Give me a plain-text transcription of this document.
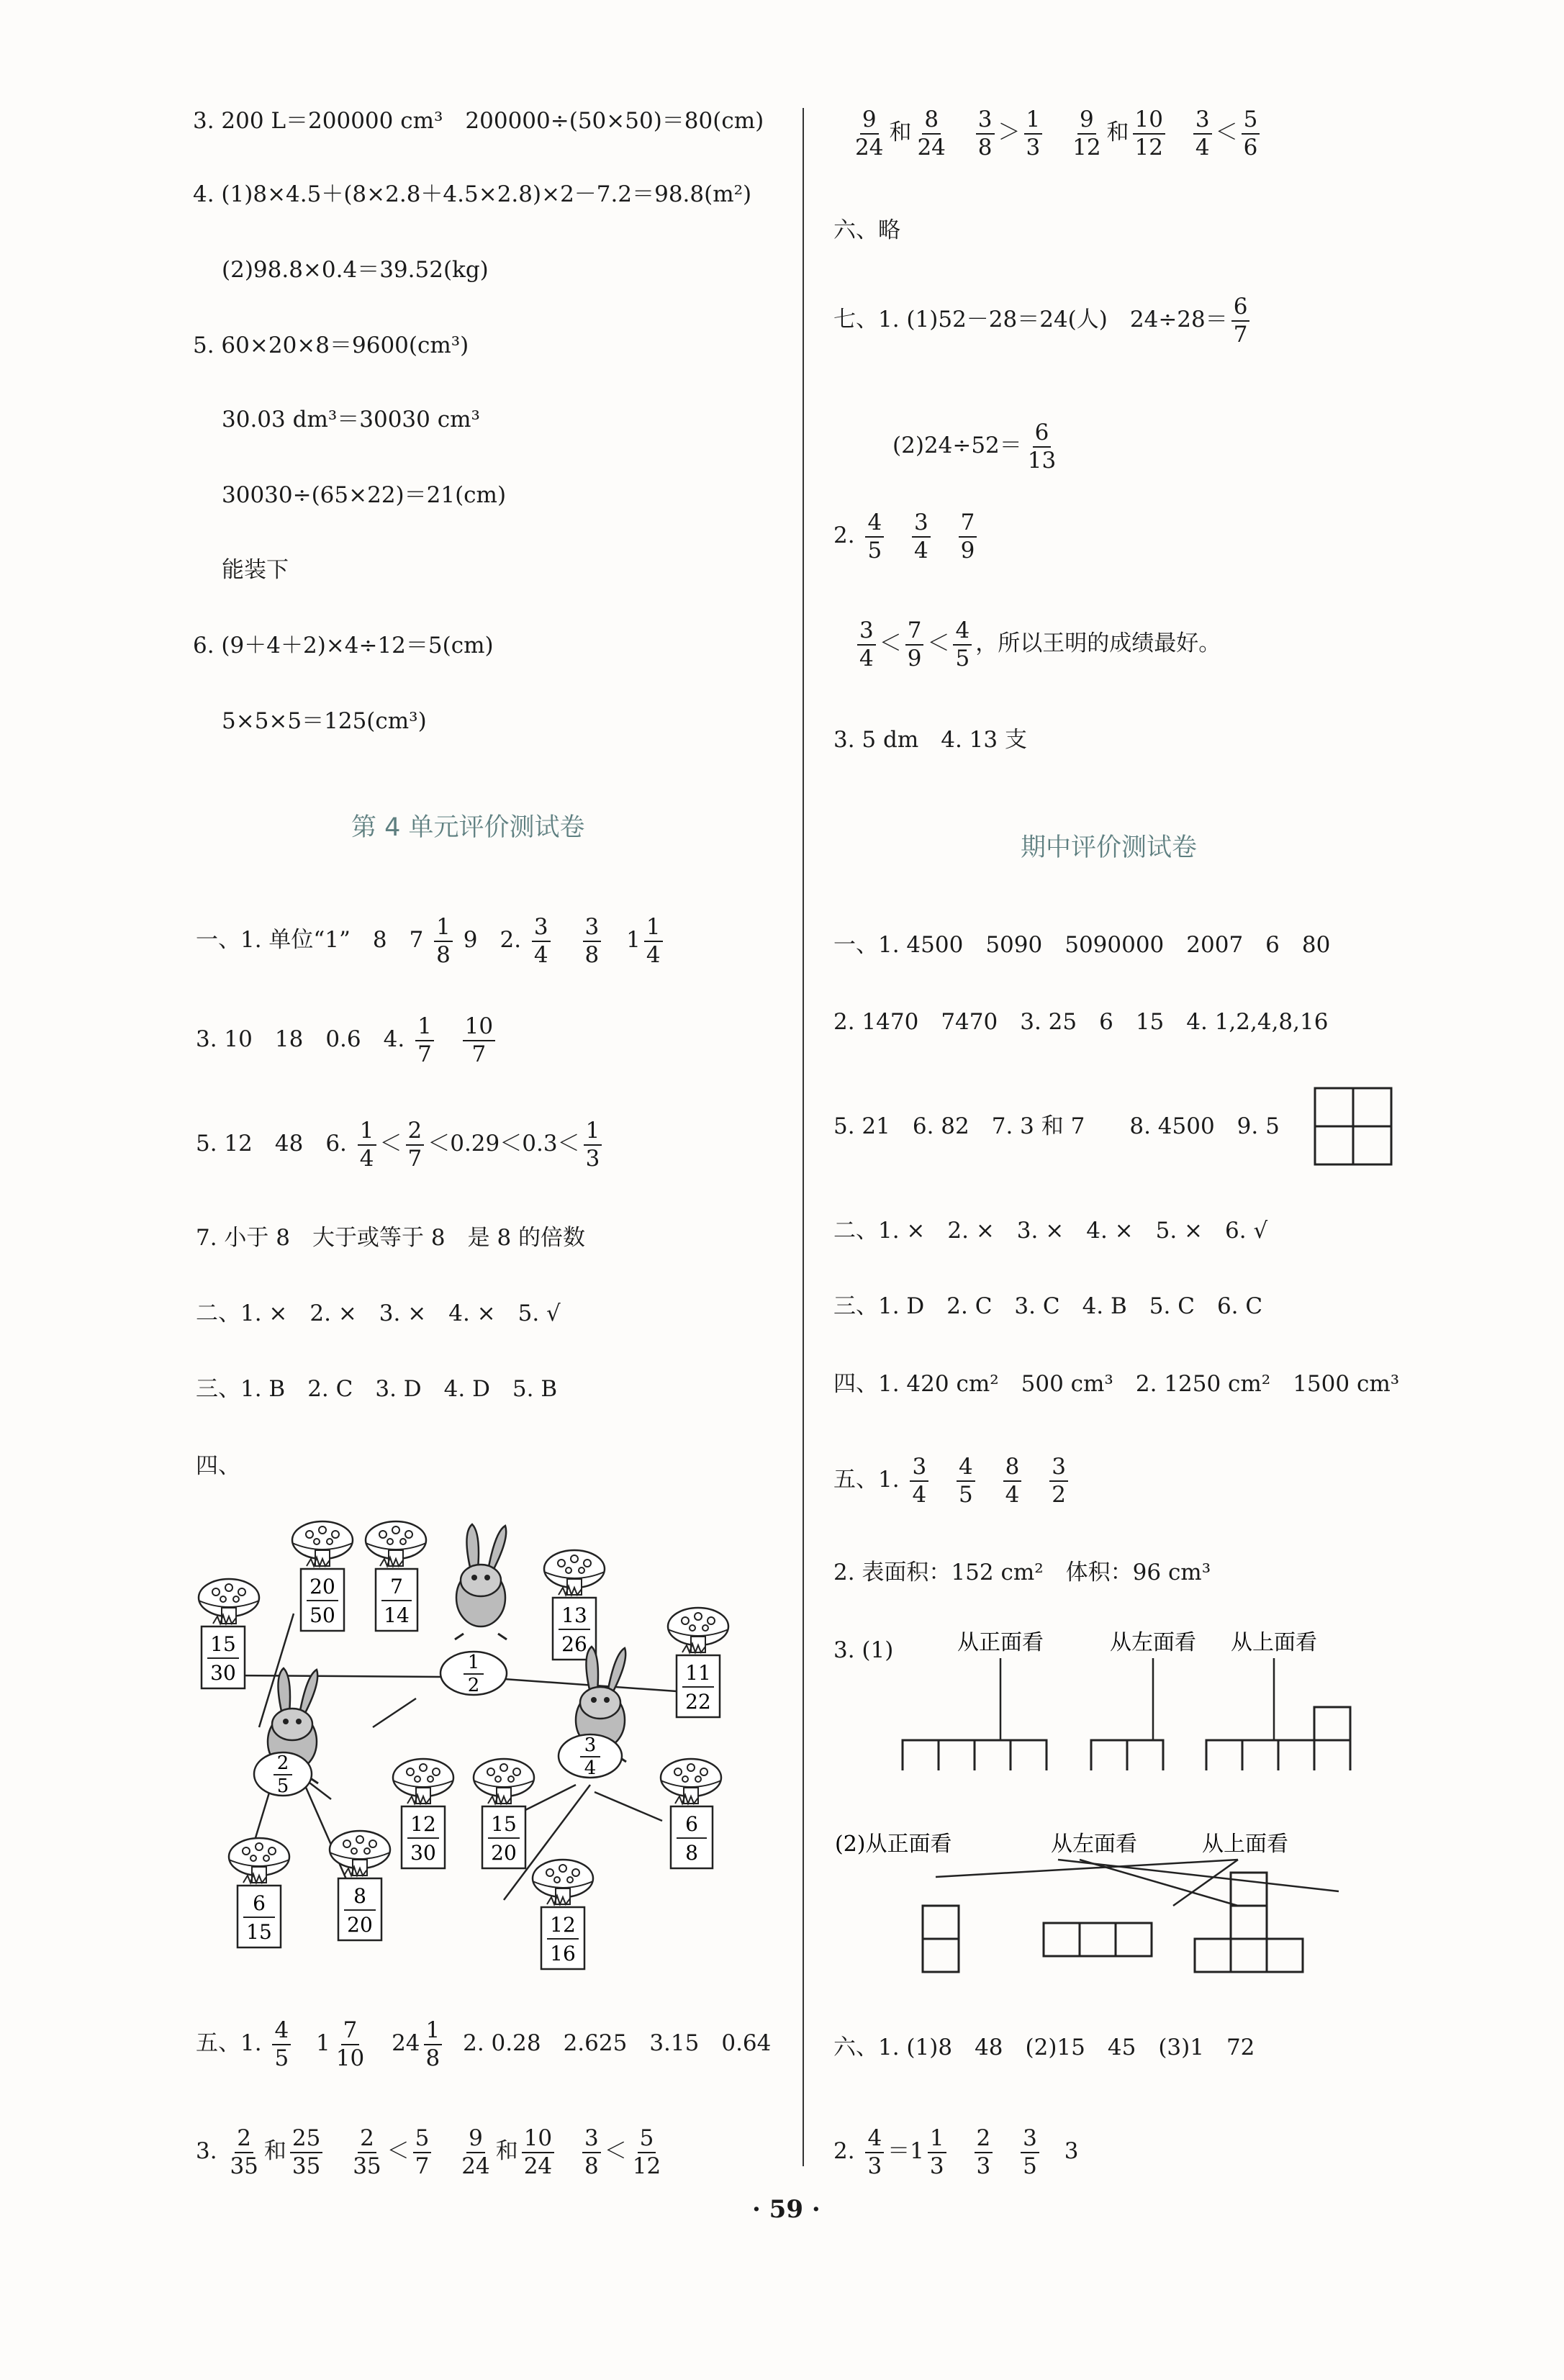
3. 200 L＝200000 cm³　200000÷(50×50)＝80(cm)
4. (1)8×4.5＋(8×2.8＋4.5×2.8)×2－7.2＝98.8(m²)
(2)98.8×0.4＝39.52(kg)
5. 60×20×8＝9600(cm³)
30.03 dm³＝30030 cm³
30030÷(65×22)＝21(cm)
能装下
6. (9＋4＋2)×4÷12＝5(cm)
5×5×5＝125(cm³)
第 4 单元评价测试卷
一、1. 单位“1”　8　$7 \frac{1}{8} 9$　2. $\frac{3}{4}$
$\frac{3}{8} 1 \frac{1}{4}$
3. 10　18　0.6　4. $\frac{1}{7}$
$\frac{10}{7}$
5. 12　48　6. $\frac{1}{4} < \frac{2}{7} <0.29<0.3< \frac{1}{3}$
7. 小于 8　大于或等于 8　是 8 的倍数
二、1. ×　2. ×　3. ×　4. ×　5. √
三、1. B　2. C　3. D　4. D　5. B
四、
15
30
20
50
7
14
1
2
13
26
11
22
2
5
12
30
15
20
3
4
6
8
6
15
8
20	12
16
五、1. $\frac{4}{5} 1 \frac{7}{10} 24 \frac{1}{8} 2$. 0.28　2.625　3.15　0.64
3. $\frac{2}{35}$ 和 $\frac{25}{35}$
$\frac{2}{35} < \frac{5}{7}$
$\frac{9}{24}$ 和 $\frac{10}{24}$
$\frac{3}{8} < \frac{5}{12}$
$\frac{9}{24}$ 和 $\frac{8}{24}$
$\frac{3}{8} > \frac{1}{3}$
$\frac{9}{12}$ 和 $\frac{10}{12}$
$\frac{3}{4} < \frac{5}{6}$
六、略
七、1. (1)52－28＝24(人)　$24\div 28= \frac{6}{7}$
$(2)24\div 52= \frac{6}{13}$
2. $\frac{4}{5}$
$\frac{3}{4}$
$\frac{7}{9}$
$\frac{3}{4} < \frac{7}{9} < \frac{4}{5}$ ，所以王明的成绩最好。
3. 5 dm　4. 13 支
期中评价测试卷
一、1. 4500　5090　5090000　2007　6　80
2. 1470　7470　3. 25　6　15　4. 1,2,4,8,16
5. 21　6. 82　7. 3 和 7　　8. 4500　9. 5
二、1. ×　2. ×　3. ×　4. ×　5. ×　6. √
三、1. D　2. C　3. C　4. B　5. C　6. C
四、1. 420 cm²　500 cm³　2. 1250 cm²　1500 cm³
五、1. $\frac{3}{4}$
$\frac{4}{5}$
$\frac{8}{4}$
$\frac{3}{2}$
2. 表面积：152 cm²　体积：96 cm³
3. (1)	从正面看	从左面看 从上面看
(2)从正面看	从左面看	从上面看
六、1. (1)8　48　(2)15　45　(3)1　72
2. $\frac{4}{3} =1 \frac{1}{3}$
$\frac{2}{3}$
$\frac{3}{5} 3$
· 59 ·
